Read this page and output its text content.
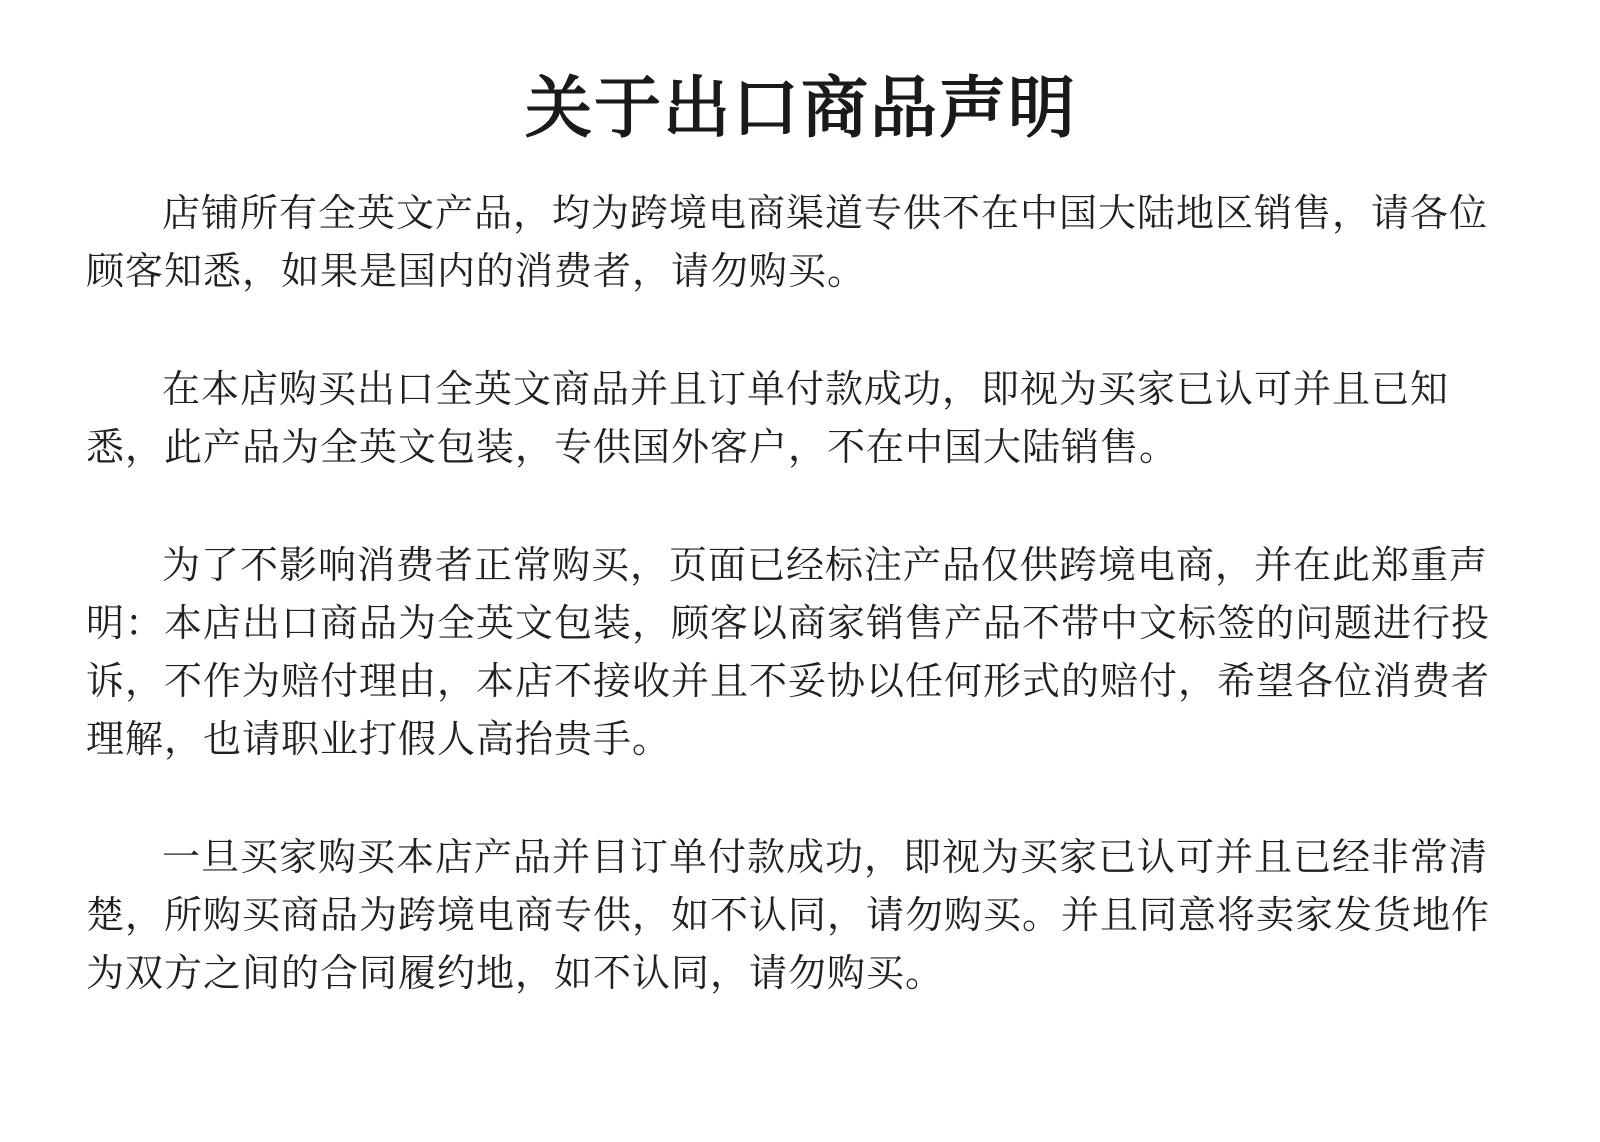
关于出口商品声明

店铺所有全英文产品，均为跨境电商渠道专供不在中国大陆地区销售，请各位顾客知悉，如果是国内的消费者，请勿购买。

在本店购买出口全英文商品并且订单付款成功，即视为买家已认可并且已知悉，此产品为全英文包装，专供国外客户，不在中国大陆销售。

为了不影响消费者正常购买，页面已经标注产品仅供跨境电商，并在此郑重声明：本店出口商品为全英文包装，顾客以商家销售产品不带中文标签的问题进行投诉，不作为赔付理由，本店不接收并且不妥协以任何形式的赔付，希望各位消费者理解，也请职业打假人高抬贵手。

一旦买家购买本店产品并目订单付款成功，即视为买家已认可并且已经非常清楚，所购买商品为跨境电商专供，如不认同，请勿购买。并且同意将卖家发货地作为双方之间的合同履约地，如不认同，请勿购买。
